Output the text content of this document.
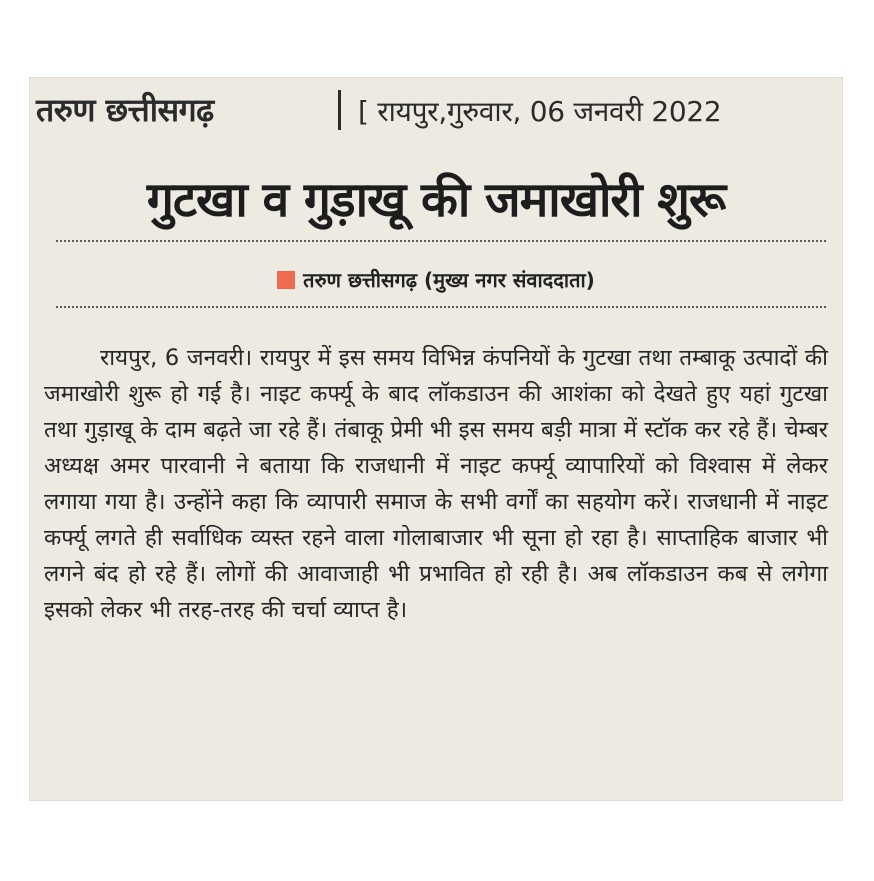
तरुण छत्तीसगढ़	[ रायपुर,गुरुवार, 06 जनवरी 2022
गुटखा व गुड़ाखू की जमाखोरी शुरू
तरुण छत्तीसगढ़ (मुख्य नगर संवाददाता)
रायपुर, 6 जनवरी। रायपुर में इस समय विभिन्न कंपनियों के गुटखा तथा तम्बाकू उत्पादों की जमाखोरी शुरू हो गई है। नाइट कर्फ्यू के बाद लॉकडाउन की आशंका को देखते हुए यहां गुटखा तथा गुड़ाखू के दाम बढ़ते जा रहे हैं। तंबाकू प्रेमी भी इस समय बड़ी मात्रा में स्टॉक कर रहे हैं। चेम्बर अध्यक्ष अमर पारवानी ने बताया कि राजधानी में नाइट कर्फ्यू व्यापारियों को विश्वास में लेकर लगाया गया है। उन्होंने कहा कि व्यापारी समाज के सभी वर्गों का सहयोग करें। राजधानी में नाइट कर्फ्यू लगते ही सर्वाधिक व्यस्त रहने वाला गोलाबाजार भी सूना हो रहा है। साप्ताहिक बाजार भी लगने बंद हो रहे हैं। लोगों की आवाजाही भी प्रभावित हो रही है। अब लॉकडाउन कब से लगेगा इसको लेकर भी तरह-तरह की चर्चा व्याप्त है।
